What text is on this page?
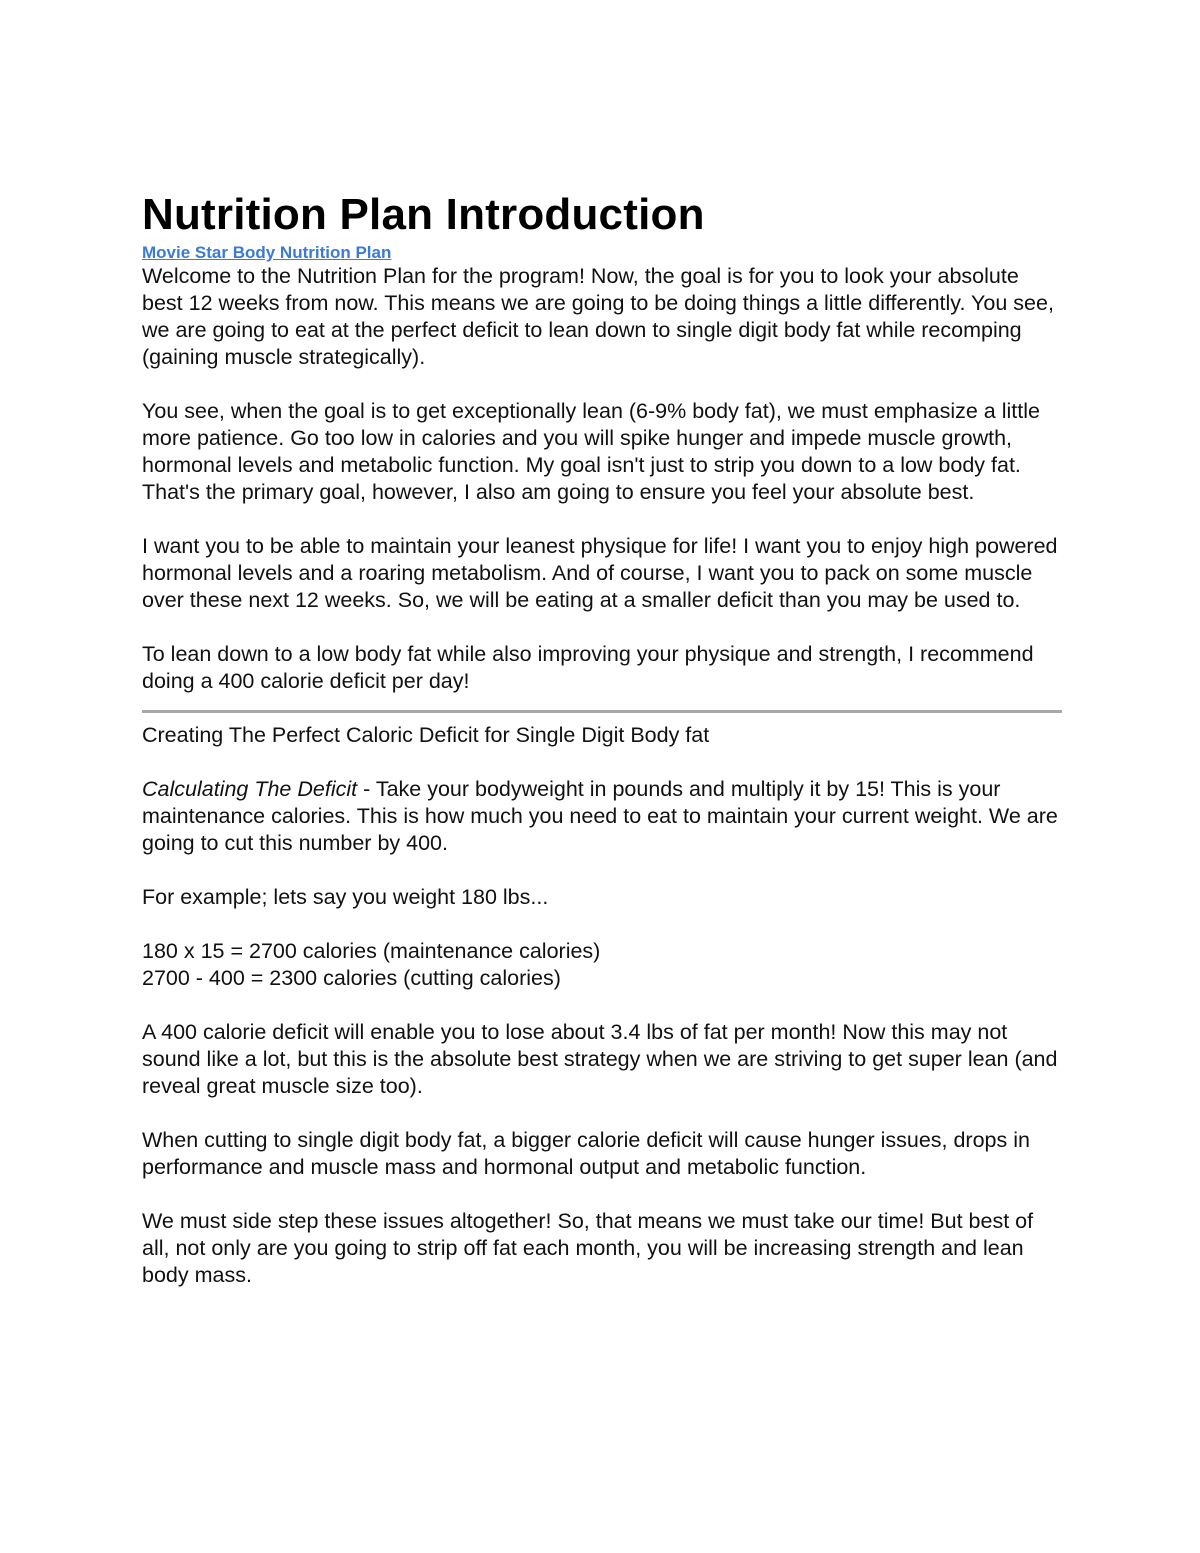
Nutrition Plan Introduction
Movie Star Body Nutrition Plan

Welcome to the Nutrition Plan for the program! Now, the goal is for you to look your absolute best 12 weeks from now. This means we are going to be doing things a little differently. You see, we are going to eat at the perfect deficit to lean down to single digit body fat while recomping (gaining muscle strategically).

You see, when the goal is to get exceptionally lean (6-9% body fat), we must emphasize a little more patience. Go too low in calories and you will spike hunger and impede muscle growth, hormonal levels and metabolic function. My goal isn't just to strip you down to a low body fat. That's the primary goal, however, I also am going to ensure you feel your absolute best.

I want you to be able to maintain your leanest physique for life! I want you to enjoy high powered hormonal levels and a roaring metabolism. And of course, I want you to pack on some muscle over these next 12 weeks. So, we will be eating at a smaller deficit than you may be used to.

To lean down to a low body fat while also improving your physique and strength, I recommend doing a 400 calorie deficit per day!

Creating The Perfect Caloric Deficit for Single Digit Body fat

Calculating The Deficit - Take your bodyweight in pounds and multiply it by 15! This is your maintenance calories. This is how much you need to eat to maintain your current weight. We are going to cut this number by 400.

For example; lets say you weight 180 lbs...

180 x 15 = 2700 calories (maintenance calories)

2700 - 400 = 2300 calories (cutting calories)

A 400 calorie deficit will enable you to lose about 3.4 lbs of fat per month! Now this may not sound like a lot, but this is the absolute best strategy when we are striving to get super lean (and reveal great muscle size too).

When cutting to single digit body fat, a bigger calorie deficit will cause hunger issues, drops in performance and muscle mass and hormonal output and metabolic function.

We must side step these issues altogether! So, that means we must take our time! But best of all, not only are you going to strip off fat each month, you will be increasing strength and lean body mass.
